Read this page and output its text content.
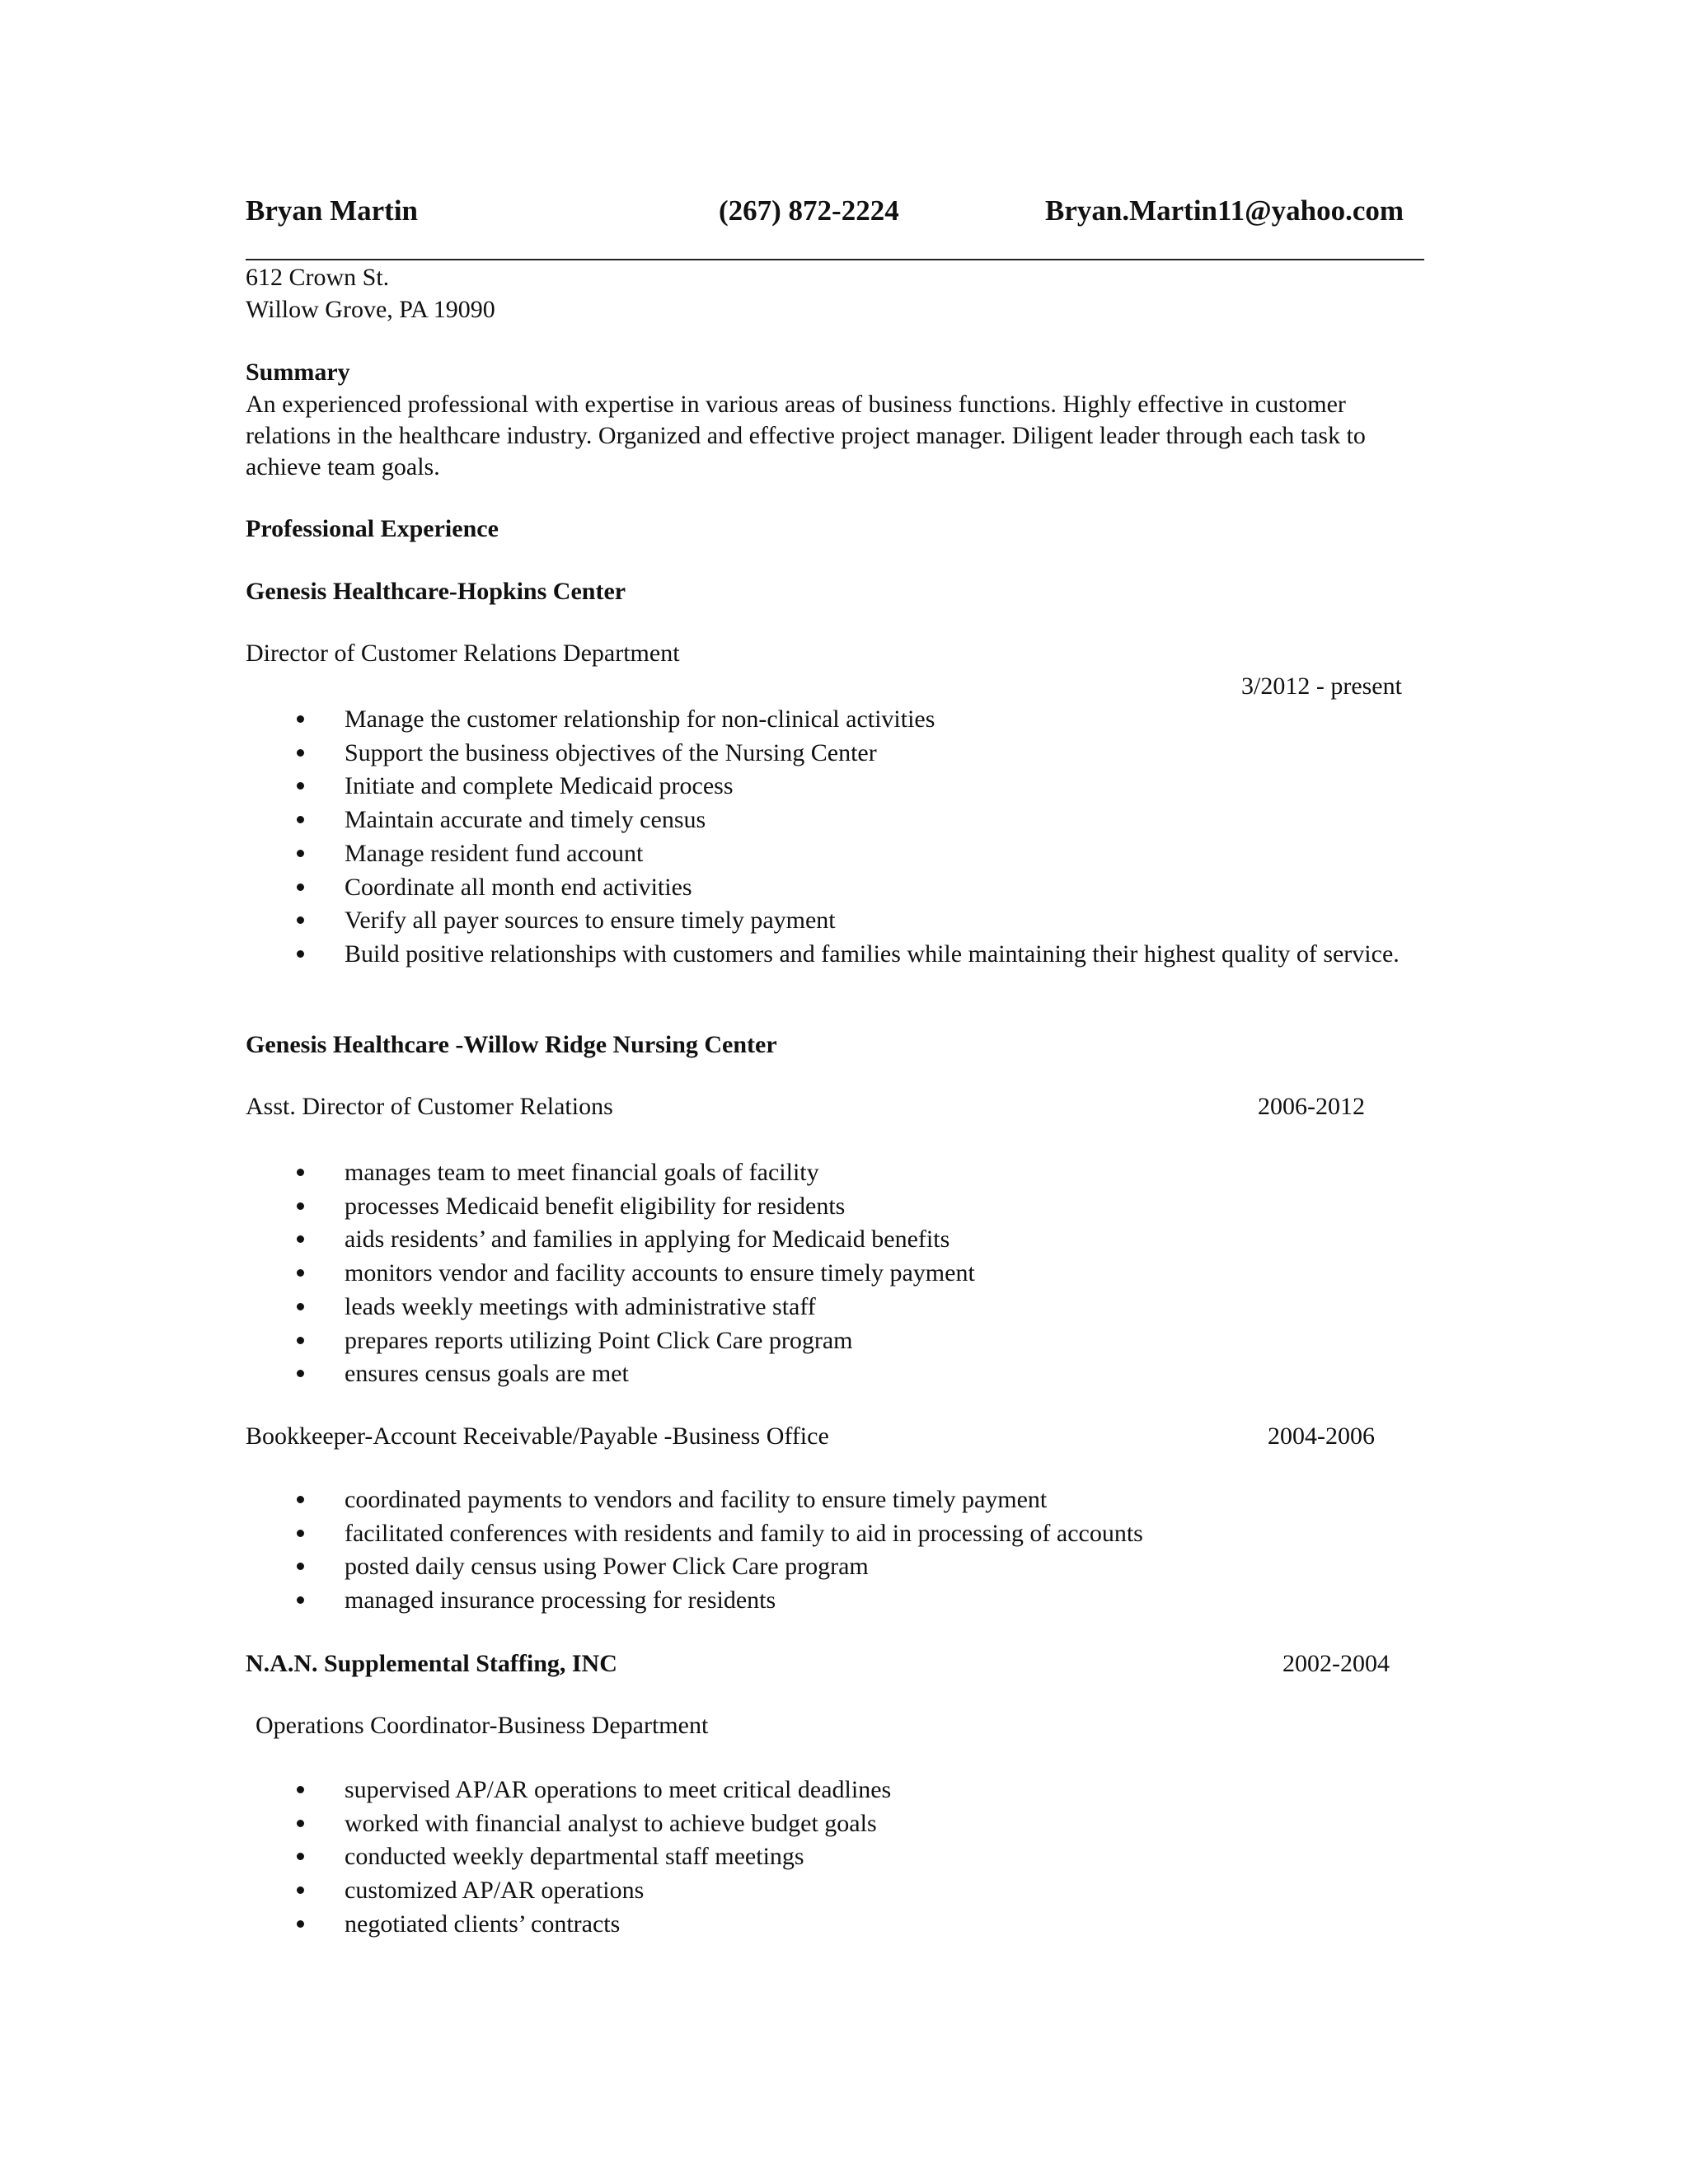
Bryan Martin	(267) 872-2224	Bryan.Martin11@yahoo.com
612 Crown St.
Willow Grove, PA 19090
Summary
An experienced professional with expertise in various areas of business functions. Highly effective in customer relations in the healthcare industry. Organized and effective project manager. Diligent leader through each task to achieve team goals.
Professional Experience
Genesis Healthcare-Hopkins Center
Director of Customer Relations Department
3/2012 - present
Manage the customer relationship for non-clinical activities
Support the business objectives of the Nursing Center
Initiate and complete Medicaid process
Maintain accurate and timely census
Manage resident fund account
Coordinate all month end activities
Verify all payer sources to ensure timely payment
Build positive relationships with customers and families while maintaining their highest quality of service.
Genesis Healthcare -Willow Ridge Nursing Center
Asst. Director of Customer Relations	2006-2012
manages team to meet financial goals of facility
processes Medicaid benefit eligibility for residents
aids residents’ and families in applying for Medicaid benefits
monitors vendor and facility accounts to ensure timely payment
leads weekly meetings with administrative staff
prepares reports utilizing Point Click Care program
ensures census goals are met
Bookkeeper-Account Receivable/Payable -Business Office	2004-2006
coordinated payments to vendors and facility to ensure timely payment
facilitated conferences with residents and family to aid in processing of accounts
posted daily census using Power Click Care program
managed insurance processing for residents
N.A.N. Supplemental Staffing, INC	2002-2004
Operations Coordinator-Business Department
supervised AP/AR operations to meet critical deadlines
worked with financial analyst to achieve budget goals
conducted weekly departmental staff meetings
customized AP/AR operations
negotiated clients’ contracts
